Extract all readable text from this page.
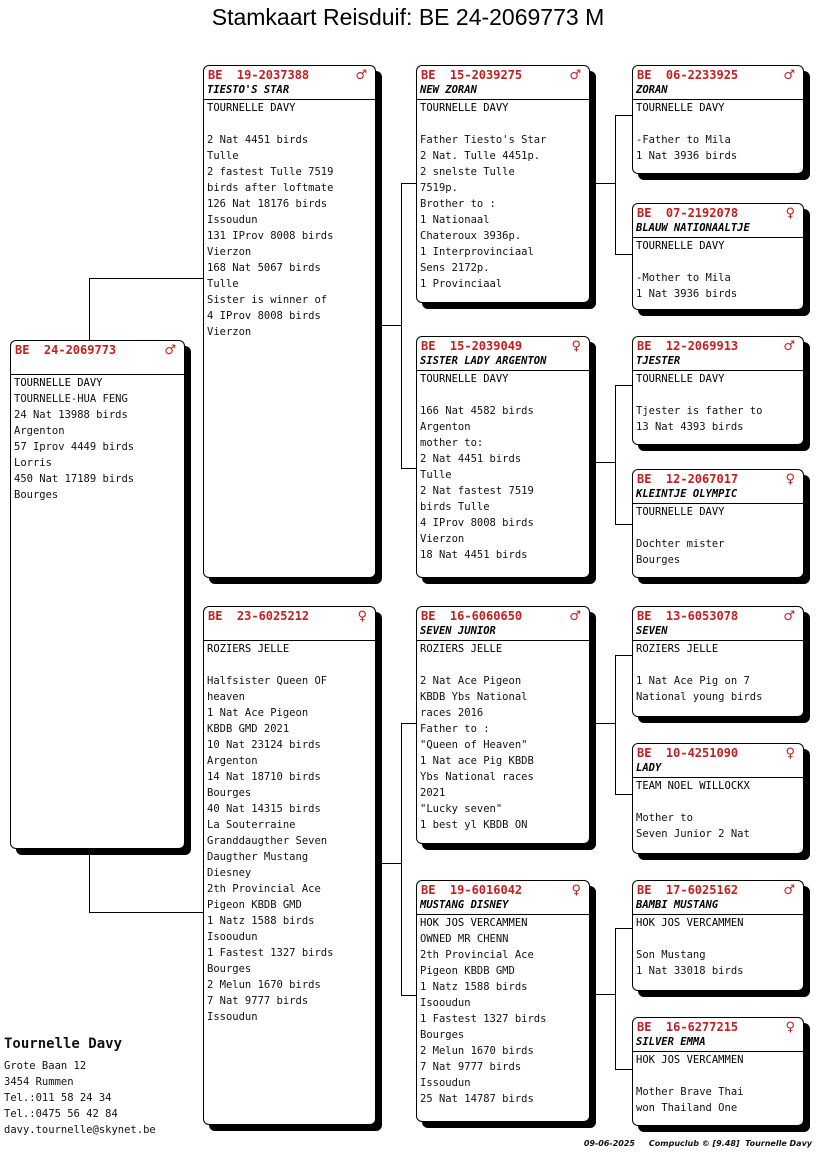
Stamkaart Reisduif: BE 24-2069773 M
BE  24-2069773	♂
TOURNELLE DAVY
TOURNELLE-HUA FENG
24 Nat 13988 birds
Argenton
57 Iprov 4449 birds
Lorris
450 Nat 17189 birds
Bourges
BE  19-2037388	♂
TIESTO'S STAR
TOURNELLE DAVY

2 Nat 4451 birds
Tulle
2 fastest Tulle 7519
birds after loftmate
126 Nat 18176 birds
Issoudun
131 IProv 8008 birds
Vierzon
168 Nat 5067 birds
Tulle
Sister is winner of
4 IProv 8008 birds
Vierzon
BE  23-6025212	♀
ROZIERS JELLE

Halfsister Queen OF
heaven
1 Nat Ace Pigeon
KBDB GMD 2021
10 Nat 23124 birds
Argenton
14 Nat 18710 birds
Bourges
40 Nat 14315 birds
La Souterraine
Granddaugther Seven
Daugther Mustang
Diesney
2th Provincial Ace
Pigeon KBDB GMD
1 Natz 1588 birds
Isooudun
1 Fastest 1327 birds
Bourges
2 Melun 1670 birds
7 Nat 9777 birds
Issoudun
BE  15-2039275	♂
NEW ZORAN
TOURNELLE DAVY

Father Tiesto's Star
2 Nat. Tulle 4451p.
2 snelste Tulle
7519p.
Brother to :
1 Nationaal
Chateroux 3936p.
1 Interprovinciaal
Sens 2172p.
1 Provinciaal
BE  15-2039049	♀
SISTER LADY ARGENTON
TOURNELLE DAVY

166 Nat 4582 birds
Argenton
mother to:
2 Nat 4451 birds
Tulle
2 Nat fastest 7519
birds Tulle
4 IProv 8008 birds
Vierzon
18 Nat 4451 birds
BE  16-6060650	♂
SEVEN JUNIOR
ROZIERS JELLE

2 Nat Ace Pigeon
KBDB Ybs National
races 2016
Father to :
"Queen of Heaven"
1 Nat ace Pig KBDB
Ybs National races
2021
"Lucky seven"
1 best yl KBDB ON
BE  19-6016042	♀
MUSTANG DISNEY
HOK JOS VERCAMMEN
OWNED MR CHENN
2th Provincial Ace
Pigeon KBDB GMD
1 Natz 1588 birds
Isooudun
1 Fastest 1327 birds
Bourges
2 Melun 1670 birds
7 Nat 9777 birds
Issoudun
25 Nat 14787 birds
BE  06-2233925	♂
ZORAN
TOURNELLE DAVY

-Father to Mila
1 Nat 3936 birds
BE  07-2192078	♀
BLAUW NATIONAALTJE
TOURNELLE DAVY

-Mother to Mila
1 Nat 3936 birds
BE  12-2069913	♂
TJESTER
TOURNELLE DAVY

Tjester is father to
13 Nat 4393 birds
BE  12-2067017	♀
KLEINTJE OLYMPIC
TOURNELLE DAVY

Dochter mister
Bourges
BE  13-6053078	♂
SEVEN
ROZIERS JELLE

1 Nat Ace Pig on 7
National young birds
BE  10-4251090	♀
LADY
TEAM NOEL WILLOCKX

Mother to
Seven Junior 2 Nat
BE  17-6025162	♂
BAMBI MUSTANG
HOK JOS VERCAMMEN

Son Mustang
1 Nat 33018 birds
BE  16-6277215	♀
SILVER EMMA
HOK JOS VERCAMMEN

Mother Brave Thai
won Thailand One
Tournelle Davy
Grote Baan 12
3454 Rummen
Tel.:011 58 24 34
Tel.:0475 56 42 84
davy.tournelle@skynet.be
09-06-2025 Compuclub © [9.48]  Tournelle Davy
